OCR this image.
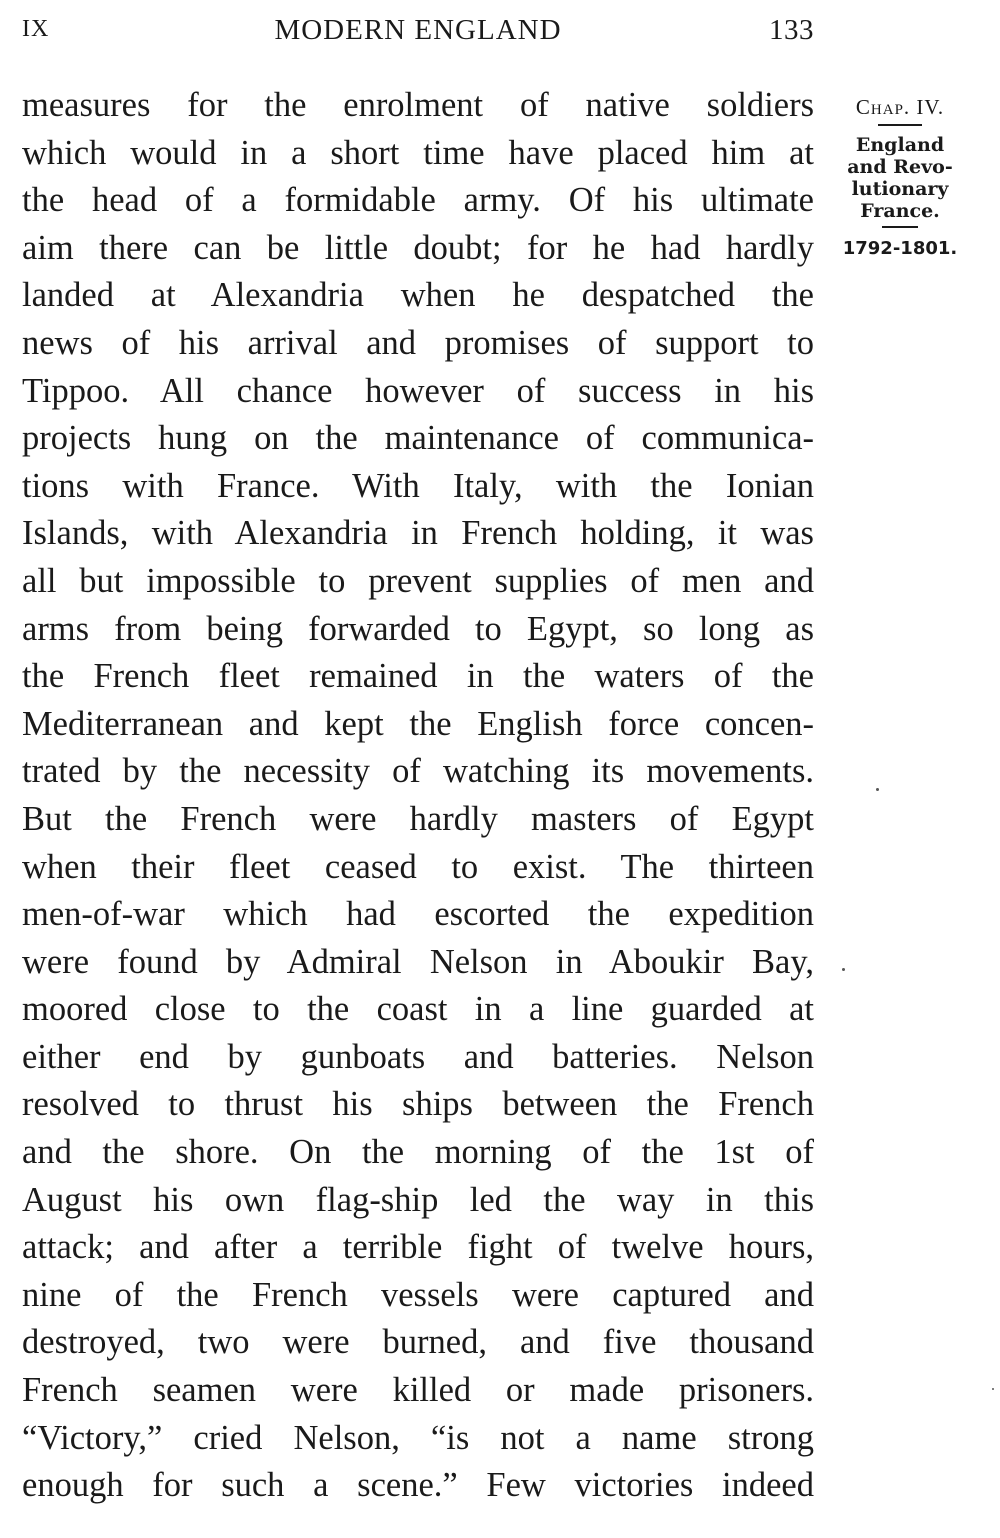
IX	MODERN ENGLAND	133
measures for the enrolment of native soldiers
which would in a short time have placed him at
the head of a formidable army. Of his ultimate
aim there can be little doubt; for he had hardly
landed at Alexandria when he despatched the
news of his arrival and promises of support to
Tippoo. All chance however of success in his
projects hung on the maintenance of communica-
tions with France. With Italy, with the Ionian
Islands, with Alexandria in French holding, it was
all but impossible to prevent supplies of men and
arms from being forwarded to Egypt, so long as
the French fleet remained in the waters of the
Mediterranean and kept the English force concen-
trated by the necessity of watching its movements.
But the French were hardly masters of Egypt
when their fleet ceased to exist. The thirteen
men-of-war which had escorted the expedition
were found by Admiral Nelson in Aboukir Bay,
moored close to the coast in a line guarded at
either end by gunboats and batteries. Nelson
resolved to thrust his ships between the French
and the shore. On the morning of the 1st of
August his own flag-ship led the way in this
attack; and after a terrible fight of twelve hours,
nine of the French vessels were captured and
destroyed, two were burned, and five thousand
French seamen were killed or made prisoners.
“Victory,” cried Nelson, “is not a name strong
enough for such a scene.” Few victories indeed
Chap. IV.
England
and Revo-
lutionary
France.
1792-1801.
